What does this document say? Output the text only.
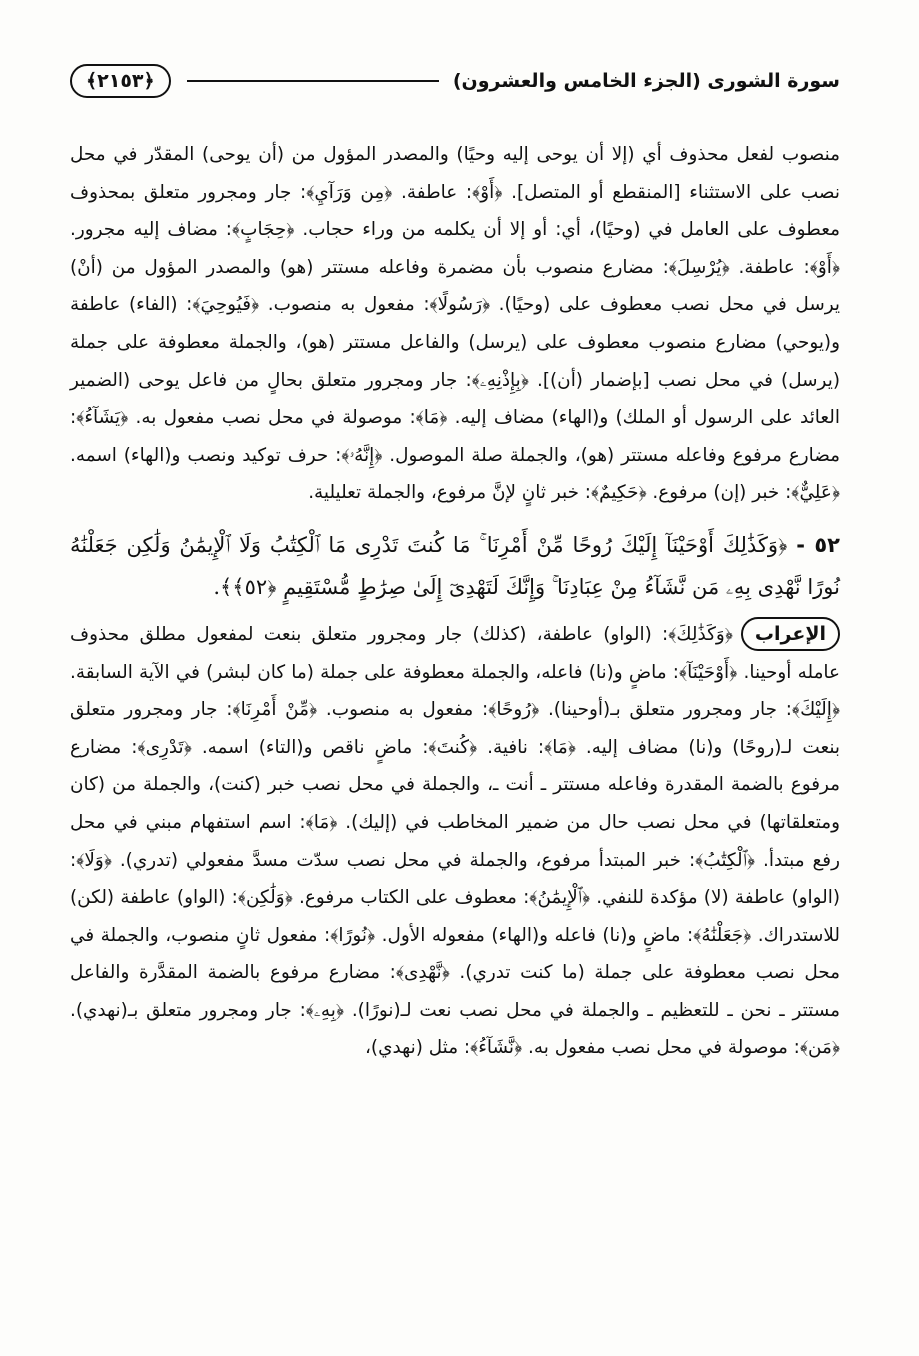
سورة الشورى (الجزء الخامس والعشرون)
﴿٢١٥٣﴾

منصوب لفعل محذوف أي (إلا أن يوحى إليه وحيًا) والمصدر المؤول من (أن يوحى) المقدّر في محل نصب على الاستثناء [المنقطع أو المتصل]. ﴿أَوْ﴾: عاطفة. ﴿مِن وَرَآيِ﴾: جار ومجرور متعلق بمحذوف معطوف على العامل في (وحيًا)، أي: أو إلا أن يكلمه من وراء حجاب. ﴿حِجَابٍ﴾: مضاف إليه مجرور. ﴿أَوْ﴾: عاطفة. ﴿يُرْسِلَ﴾: مضارع منصوب بأن مضمرة وفاعله مستتر (هو) والمصدر المؤول من (أنْ) يرسل في محل نصب معطوف على (وحيًا). ﴿رَسُولًا﴾: مفعول به منصوب. ﴿فَيُوحِيَ﴾: (الفاء) عاطفة و(يوحي) مضارع منصوب معطوف على (يرسل) والفاعل مستتر (هو)، والجملة معطوفة على جملة (يرسل) في محل نصب [بإضمار (أن)]. ﴿بِإِذْنِهِۦ﴾: جار ومجرور متعلق بحالٍ من فاعل يوحى (الضمير العائد على الرسول أو الملك) و(الهاء) مضاف إليه. ﴿مَا﴾: موصولة في محل نصب مفعول به. ﴿يَشَآءُ﴾: مضارع مرفوع وفاعله مستتر (هو)، والجملة صلة الموصول. ﴿إِنَّهُۥ﴾: حرف توكيد ونصب و(الهاء) اسمه. ﴿عَلِيٌّ﴾: خبر (إن) مرفوع. ﴿حَكِيمٌ﴾: خبر ثانٍ لإنَّ مرفوع، والجملة تعليلية.

٥٢ - ﴿وَكَذَٰلِكَ أَوْحَيْنَآ إِلَيْكَ رُوحًا مِّنْ أَمْرِنَا ۚ مَا كُنتَ تَدْرِى مَا ٱلْكِتَٰبُ وَلَا ٱلْإِيمَٰنُ وَلَٰكِن جَعَلْنَٰهُ نُورًا نَّهْدِى بِهِۦ مَن نَّشَآءُ مِنْ عِبَادِنَا ۚ وَإِنَّكَ لَتَهْدِىٓ إِلَىٰ صِرَٰطٍ مُّسْتَقِيمٍ ﴿٥٢﴾﴾.

الإعراب﴿وَكَذَٰلِكَ﴾: (الواو) عاطفة، (كذلك) جار ومجرور متعلق بنعت لمفعول مطلق محذوف عامله أوحينا. ﴿أَوْحَيْنَآ﴾: ماضٍ و(نا) فاعله، والجملة معطوفة على جملة (ما كان لبشر) في الآية السابقة. ﴿إِلَيْكَ﴾: جار ومجرور متعلق بـ(أوحينا). ﴿رُوحًا﴾: مفعول به منصوب. ﴿مِّنْ أَمْرِنَا﴾: جار ومجرور متعلق بنعت لـ(روحًا) و(نا) مضاف إليه. ﴿مَا﴾: نافية. ﴿كُنتَ﴾: ماضٍ ناقص و(التاء) اسمه. ﴿تَدْرِى﴾: مضارع مرفوع بالضمة المقدرة وفاعله مستتر ـ أنت ـ، والجملة في محل نصب خبر (كنت)، والجملة من (كان ومتعلقاتها) في محل نصب حال من ضمير المخاطب في (إليك). ﴿مَا﴾: اسم استفهام مبني في محل رفع مبتدأ. ﴿ٱلْكِتَٰبُ﴾: خبر المبتدأ مرفوع، والجملة في محل نصب سدّت مسدَّ مفعولي (تدري). ﴿وَلَا﴾: (الواو) عاطفة (لا) مؤكدة للنفي. ﴿ٱلْإِيمَٰنُ﴾: معطوف على الكتاب مرفوع. ﴿وَلَٰكِن﴾: (الواو) عاطفة (لكن) للاستدراك. ﴿جَعَلْنَٰهُ﴾: ماضٍ و(نا) فاعله و(الهاء) مفعوله الأول. ﴿نُورًا﴾: مفعول ثانٍ منصوب، والجملة في محل نصب معطوفة على جملة (ما كنت تدري). ﴿نَّهْدِى﴾: مضارع مرفوع بالضمة المقدَّرة والفاعل مستتر ـ نحن ـ للتعظيم ـ والجملة في محل نصب نعت لـ(نورًا). ﴿بِهِۦ﴾: جار ومجرور متعلق بـ(نهدي). ﴿مَن﴾: موصولة في محل نصب مفعول به. ﴿نَّشَآءُ﴾: مثل (نهدي)،
